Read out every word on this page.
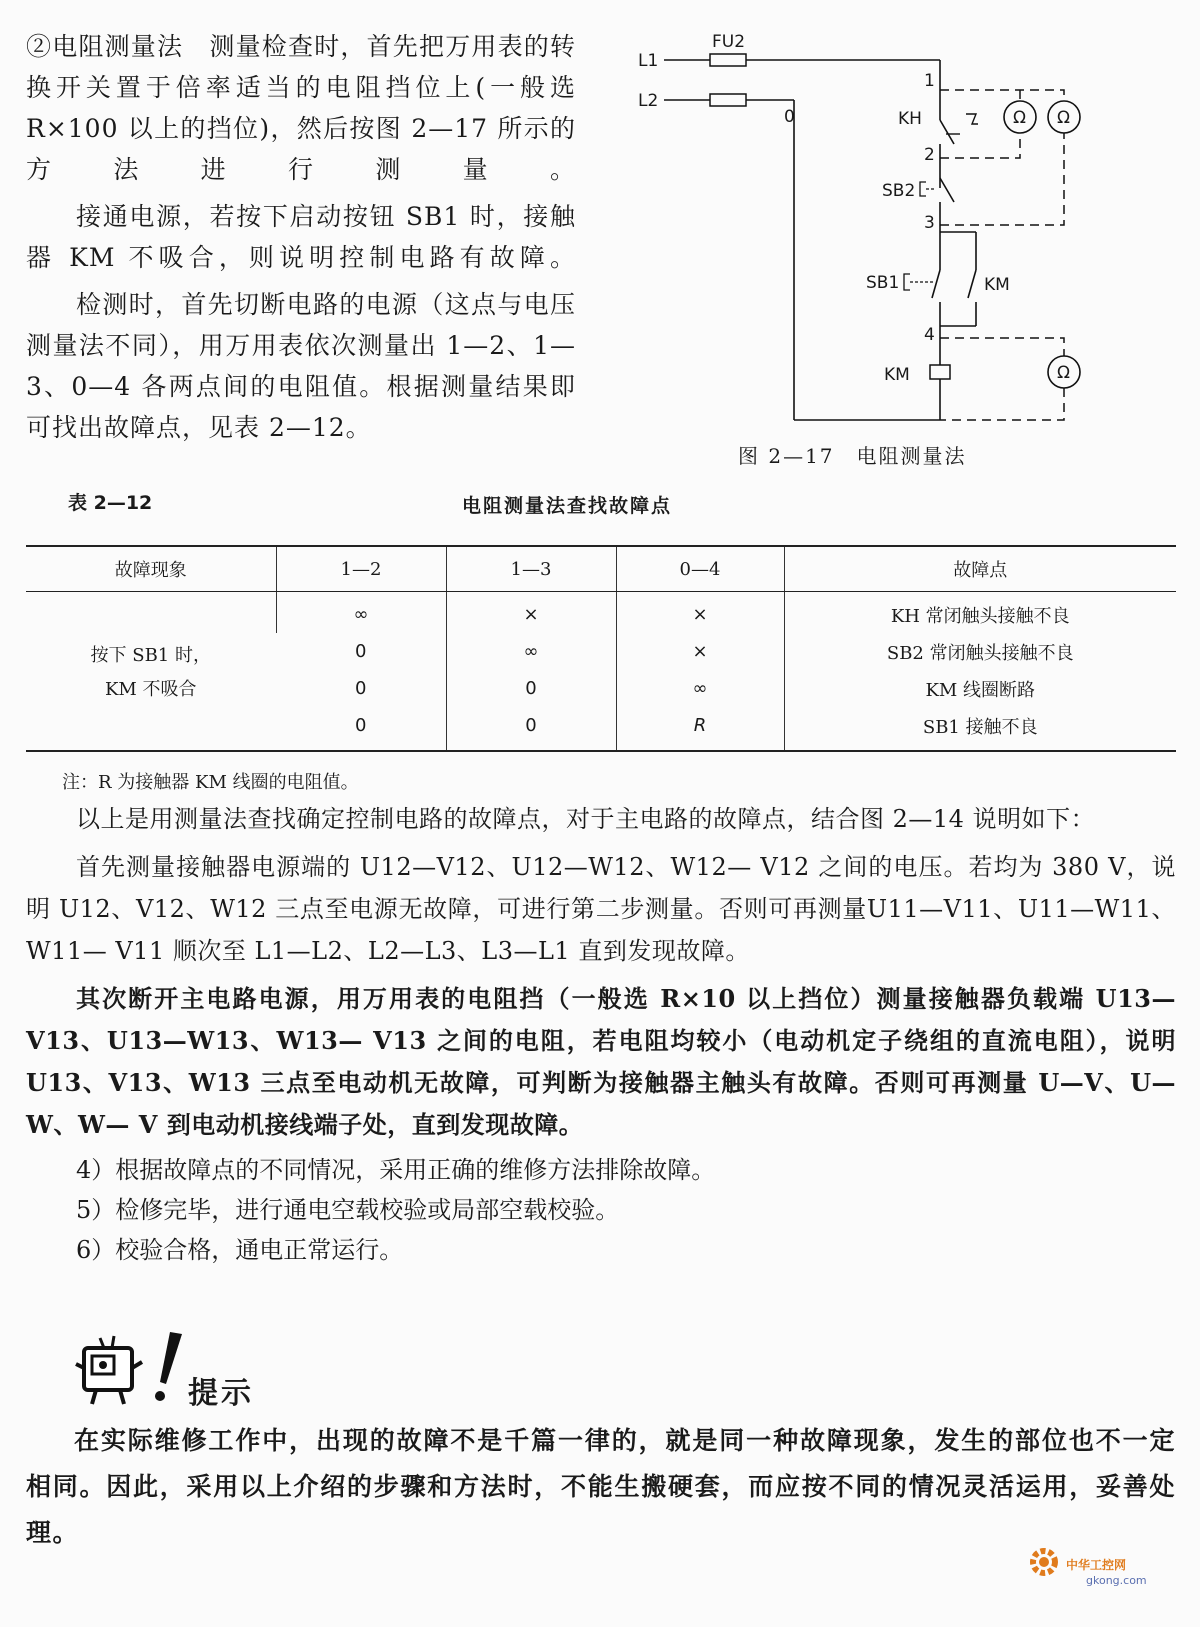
②电阻测量法　测量检查时，首先把万用表的转换开关置于倍率适当的电阻挡位上(一般选 R×100 以上的挡位)，然后按图 2—17 所示的方法进行测量。

接通电源，若按下启动按钮 SB1 时，接触器 KM 不吸合，则说明控制电路有故障。

检测时，首先切断电路的电源（这点与电压测量法不同），用万用表依次测量出 1—2、1—3、0—4 各两点间的电阻值。根据测量结果即可找出故障点，见表 2—12。

L1
FU2
L2
0
1
KH
2
SB2
3
SB1	KM
4
KM
Ω Ω
Ω
图 2—17　电阻测量法
表 2—12	电阻测量法查找故障点
故障现象	1—2	1—3	0—4	故障点

按下 SB1 时，
KM 不吸合	∞	×	×	KH 常闭触头接触不良
	0	∞	×	SB2 常闭触头接触不良
	0	0	∞	KM 线圈断路
	0	0	R	SB1 接触不良
注：R 为接触器 KM 线圈的电阻值。

以上是用测量法查找确定控制电路的故障点，对于主电路的故障点，结合图 2—14 说明如下：

首先测量接触器电源端的 U12—V12、U12—W12、W12— V12 之间的电压。若均为 380 V，说明 U12、V12、W12 三点至电源无故障，可进行第二步测量。否则可再测量U11—V11、U11—W11、W11— V11 顺次至 L1—L2、L2—L3、L3—L1 直到发现故障。

其次断开主电路电源，用万用表的电阻挡（一般选 R×10 以上挡位）测量接触器负载端 U13—V13、U13—W13、W13— V13 之间的电阻，若电阻均较小（电动机定子绕组的直流电阻），说明 U13、V13、W13 三点至电动机无故障，可判断为接触器主触头有故障。否则可再测量 U—V、U—W、W— V 到电动机接线端子处，直到发现故障。

4）根据故障点的不同情况，采用正确的维修方法排除故障。

5）检修完毕，进行通电空载校验或局部空载校验。

6）校验合格，通电正常运行。

提示

在实际维修工作中，出现的故障不是千篇一律的，就是同一种故障现象，发生的部位也不一定相同。因此，采用以上介绍的步骤和方法时，不能生搬硬套，而应按不同的情况灵活运用，妥善处理。

中华工控网
gkong.com
